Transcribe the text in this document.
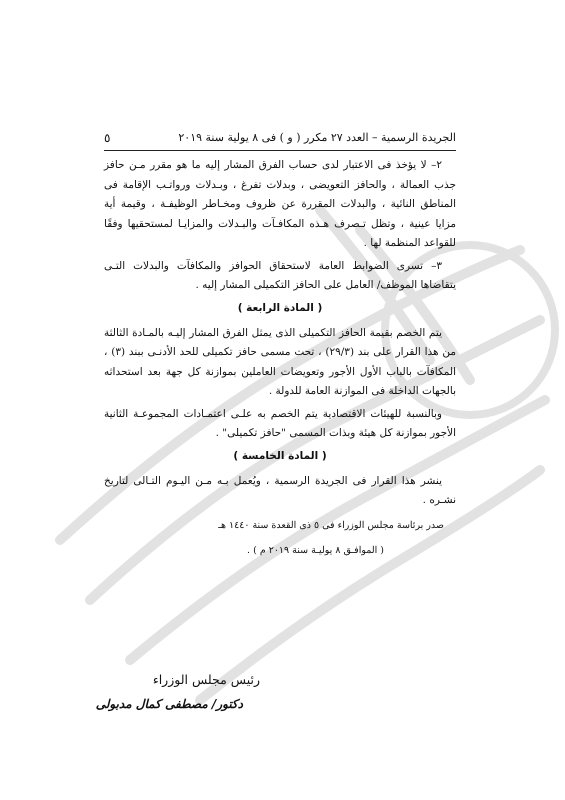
الجريدة الرسمية – العدد ٢٧ مكرر ( و ) فى ٨ يولية سنة ٢٠١٩
٥

٢– لا يؤخذ فى الاعتبار لدى حساب الفرق المشار إليه ما هو مقرر مـن حافز جذب العمالة ، والحافز التعويضى ، وبدلات تفرغ ، وبـدلات ورواتـب الإقامة فى المناطق النائية ، والبدلات المقررة عن ظروف ومخـاطر الوظيفـة ، وقيمة أية مزايا عينية ، وتظل تـصرف هـذه المكافـآت والبـدلات والمزايـا لمستحقيها وفقًا للقواعد المنظمة لها .

٣– تسرى الضوابط العامة لاستحقاق الحوافز والمكافآت والبدلات التـى يتقاضاها الموظف/ العامل على الحافز التكميلى المشار إليه .

( المادة الرابعة )

يتم الخصم بقيمة الحافز التكميلى الذى يمثل الفرق المشار إليـه بالمـادة الثالثة من هذا القرار على بند (٢٩/٣) ، تحت مسمى حافز تكميلى للحد الأدنـى ببند (٣) ، المكافآت بالباب الأول الأجور وتعويضات العاملين بموازنة كل جهة بعد استحداثه بالجهات الداخلة فى الموازنة العامة للدولة .

وبالنسبة للهيئات الاقتصادية يتم الخصم به علـى اعتمـادات المجموعـة الثانية الأجور بموازنة كل هيئة وبذات المسمى "حافز تكميلى" .

( المادة الخامسة )

ينشر هذا القرار فى الجريدة الرسمية ، ويُعمل بـه مـن اليـوم التـالى لتاريخ نشـره .

صدر برئاسة مجلس الوزراء فى ٥ ذى القعدة سنة ١٤٤٠ هـ

( الموافـق ٨ يوليـة سنة ٢٠١٩ م ) .

رئيس مجلس الوزراء
دكتور/ مصطفى كمال مدبولى
